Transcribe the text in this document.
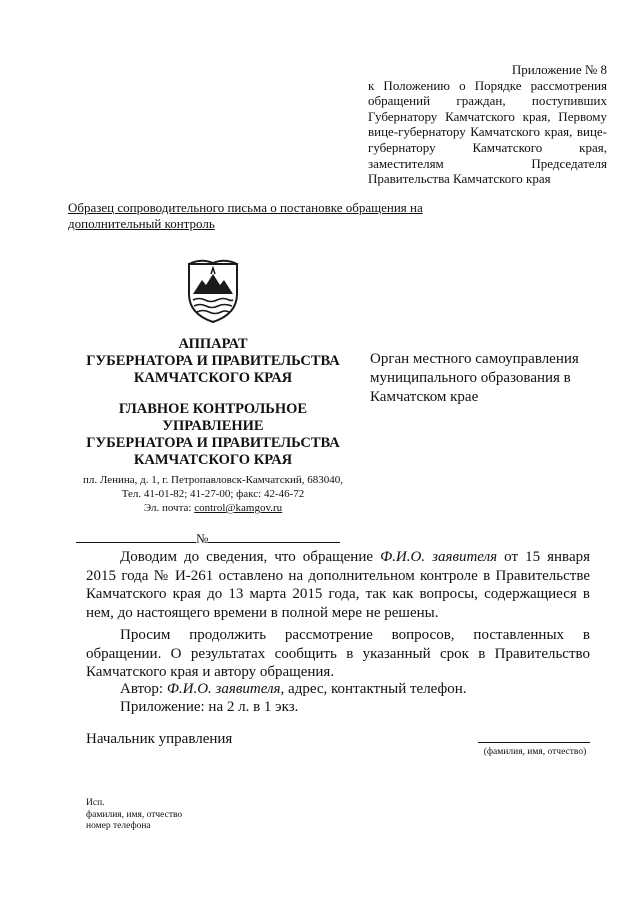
Приложение № 8
к Положению о Порядке рассмотрения обращений граждан, поступивших Губернатору Камчатского края, Первому вице-губернатору Камчатского края, вице-губернатору Камчатского края, заместителям Председателя Правительства Камчатского края
Образец сопроводительного письма о постановке обращения на дополнительный контроль
АППАРАТ
ГУБЕРНАТОРА И ПРАВИТЕЛЬСТВА
КАМЧАТСКОГО КРАЯ
ГЛАВНОЕ КОНТРОЛЬНОЕ
УПРАВЛЕНИЕ
ГУБЕРНАТОРА И ПРАВИТЕЛЬСТВА
КАМЧАТСКОГО КРАЯ
пл. Ленина, д. 1, г. Петропавловск-Камчатский, 683040,
Тел. 41-01-82; 41-27-00; факс: 42-46-72
Эл. почта: control@kamgov.ru
Орган местного самоуправления муниципального образования в Камчатском крае
№
Доводим до сведения, что обращение Ф.И.О. заявителя от 15 января 2015 года № И-261 оставлено на дополнительном контроле в Правительстве Камчатского края до 13 марта 2015 года, так как вопросы, содержащиеся в нем, до настоящего времени в полной мере не решены.
Просим продолжить рассмотрение вопросов, поставленных в обращении. О результатах сообщить в указанный срок в Правительство Камчатского края и автору обращения.
Автор: Ф.И.О. заявителя, адрес, контактный телефон.
Приложение: на 2 л. в 1 экз.
Начальник управления
(фамилия, имя, отчество)
Исп.
фамилия, имя, отчество
номер телефона
